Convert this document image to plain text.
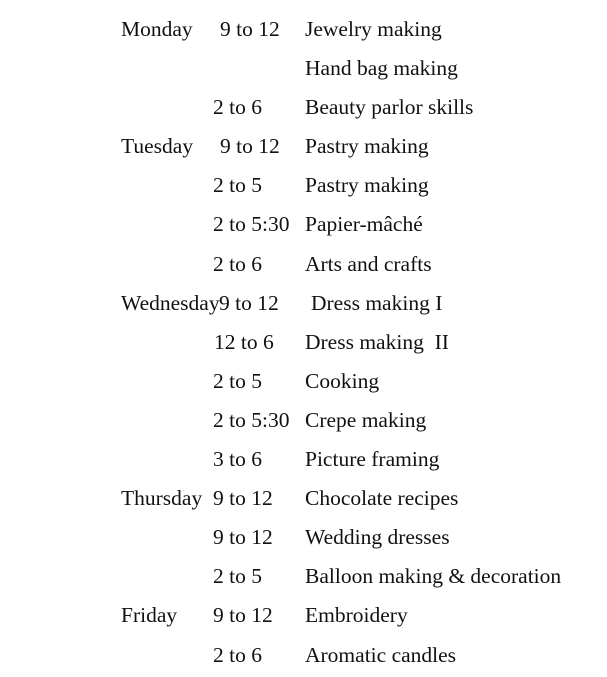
Monday 9 to 12 Jewelry making
Hand bag making
2 to 6 Beauty parlor skills
Tuesday 9 to 12 Pastry making
2 to 5 Pastry making
2 to 5:30 Papier-mâché
2 to 6 Arts and crafts
Wednesday 9 to 12 Dress making I
12 to 6 Dress making  II
2 to 5 Cooking
2 to 5:30 Crepe making
3 to 6 Picture framing
Thursday 9 to 12 Chocolate recipes
9 to 12 Wedding dresses
2 to 5 Balloon making & decoration
Friday 9 to 12 Embroidery
2 to 6 Aromatic candles
